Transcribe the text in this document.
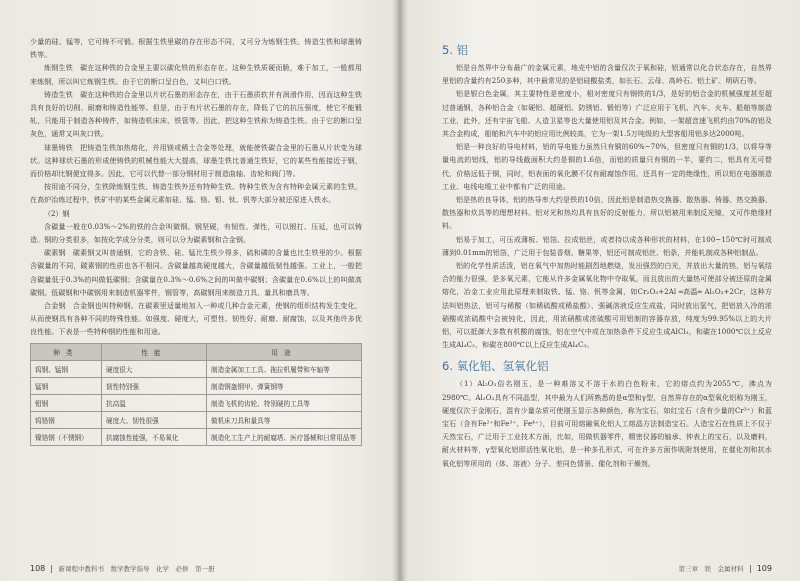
少量的硅、锰等，它可铸不可锻。根据生铁里碳的存在形态不同，又可分为炼钢生铁、铸造生铁和球墨铸铁等。

炼钢生铁　碳在这种铁的合金里主要以碳化铁的形态存在。这种生铁质硬而脆，难于加工，一般都用来炼钢，所以叫它炼钢生铁。由于它的断口呈白色，又叫白口铁。

铸造生铁　碳在这种铁的合金里以片状石墨的形态存在，由于石墨质软并有润滑作用，因而这种生铁具有良好的切削、耐磨和铸造性能等。但是，由于有片状石墨的存在，降低了它的抗压强度，使它不能锻轧，只能用于制造各种铸件，如铸造机床床、铁管等。因此，把这种生铁称为铸造生铁。由于它的断口呈灰色，通常又叫灰口铁。

球墨铸铁　把铸造生铁加热熔化，并用镁或稀土合金等处理，就能使铁碳合金里的石墨从片状变为球状。这种球状石墨的形成使铸铁的机械性能大大提高，球墨生铁比普通生铁好，它的某些性能接近于钢，而价格却比钢便宜得多。因此，它可以代替一部分钢材用于制造曲轴、齿轮和阀门等。

按用途不同分，生铁除炼钢生铁、铸造生铁外还有特种生铁。特种生铁为含有特种金属元素的生铁，在高炉冶炼过程中，铁矿中的某些金属元素如硅、锰、铬、钼、钛、钒等大部分被还原进入铁水。

（2）钢

含碳量一般在0.03%～2%的铁的合金叫做钢。钢坚硬，有韧性、弹性，可以锻打、压延，也可以铸造。钢的分类很多，如按化学成分分类，则可以分为碳素钢和合金钢。

碳素钢　碳素钢又叫普通钢，它的含铁、硅、锰比生铁少得多，硫和磷的含量也比生铁里的少。根据含碳量的不同，碳素钢的性质也各不相同。含碳量越高硬度越大，含碳量越低韧性越强。工业上，一般把含碳量低于0.3%的叫做低碳钢；含碳量在0.3%～0.6%之间的叫做中碳钢；含碳量在0.6%以上的叫做高碳钢。低碳钢和中碳钢用来制造机器零件，钢管等，高碳钢用来制造刀具、量具和磨具等。

合金钢　合金钢也叫特种钢。在碳素里适量地加入一种或几种合金元素，使钢的组织结构发生变化，从而使钢具有各种不同的特殊性能。如强度、硬度大，可塑性、韧性好、耐磨、耐腐蚀，以及其他许多优良性能。下表是一些特种钢的性能和用途。

种类	性能	用途
钨钢、锰钢	硬度很大	制造金属加工工具、拖拉机履带和车轴等
锰钢	韧性特别强	制造钢盔钢甲、弹簧钢等
钼钢	抗高温	制造飞机的齿轮、特别硬的工具等
钨铬钢	硬度大、韧性很强	做机床刀具和量具等
镍铬钢（不锈钢）	抗腐蚀性能强，不易氧化	制造化工生产上的耐腐塔、医疗器械和日常用品等
108 新课程中教科书　数学教学指导　化学　必修　第一册
5. 铝

铝是自然界中分布最广的金属元素，地壳中铝的含量仅次于氧和硅，铝通常以化合状态存在，自然界里铝的含量约有250多种，其中最常见的是铝硅酸盐类，如长石、云母、高岭石、铝土矿、明矾石等。

铝是银白色金属，其主要特性是密度小，相对密度只有钢铁的1/3，是好的铝合金的机械强度甚至超过普通钢，各种铝合金（如硬铝、超硬铝、防锈铝、锻铝等）广泛应用于飞机、汽车、火车、船舶等制造工业，此外，还有宇宙飞船、人造卫星等也大量使用铝及其合金。例如，一架超音速飞机约由70%的铝及其合金构成，船舶和汽车中的铝应用比例较高，它为一架1.5万吨级的大型客船用铝多达2000吨。

铝是一种良好的导电材料，铝的导电能力虽然只有铜的60%~70%，但密度只有铜的1/3，以将导等量电流的铝线，铝的导线截面积大约是铜的1.6倍，而铝的质量只有铜的一半，要约二，铝具有无可替代，价格远低于铜，同时，铝表面的氧化膜不仅有耐腐蚀作用，还具有一定的绝缘性，所以铝在电器制造工业、电线电缆工业中都有广泛的用途。

铝是热的良导体，铝的热导率大约是铁的10倍，因此铝是制造热交换器、散热器、铸器、热交换器、散热器和炊具等的理想材料。铝对光和热均具有良好的反射能力，所以铝被用来制反光镜，又可作绝缘材料。

铝易于加工，可压成薄板、铝箔、拉成铝丝，或者持以成各种形状的材料，在100~150℃时可制成薄到0.01mm的铝箔，广泛用于包装香烟、糖果等，铝还可制成铝丝、铝条，并能轧制成各种铝制品。

铝的化学性质活泼，铝在氧气中加热时能剧烈地燃烧，发出强烈的白光，并放出大量的热，铝与氧结合的能力很强，是多氧元素，它能从许多金属氧化物中夺取氧，而且放出的大量热可使部分被还原的金属熔化，冶金工业应用此原理来制取铁、锰、铬、钒等金属，如Cr₂O₃+2Al ═高温═ Al₂O₃+2Cr，这种方法叫铝热法，铝可与稀酸（如稀硫酸或稀盐酸）、强碱溶液反应生成盐，同时放出氢气，把铝放入冷的浓硝酸或浓硫酸中会被钝化，因此，用浓硝酸或浓硫酸可用铝制的容器存放，纯度为99.95%以上的大片铝，可以抵御大多数有机酸的腐蚀，铝在空气中或在加热条件下反应生成AlCl₃，和碳在1000℃以上反应生成Al₄C₃，和碳在800℃以上反应生成Al₄C₃。

6. 氧化铝、氢氧化铝

（1）Al₂O₃俗名刚玉，是一种难溶又不溶于水的白色粉末，它的熔点约为2055℃，沸点为2980℃。Al₂O₃具有不同晶型，其中最为人们所熟悉的是α型和γ型，自然界存在的α型氧化铝称为刚玉，硬度仅次于金刚石，混有少量杂质可使刚玉显示各种颜色，称为宝石，如红宝石（含有少量的Cr³⁺）和蓝宝石（含有Fe²⁺和Fe³⁺、Fe⁴⁺），目前可用熔融氧化铝人工熔晶方法制造宝石。人造宝石在性质上不仅于天然宝石，广泛用于工业技术方面，比如，用做机器零件，精密仪器的轴承、钟表上的宝石，以及磨料，耐火材料等，γ型氧化铝即活性氧化铝，是一种多孔形式，可在许多方面作吸附剂使用，在催化剂和抗水氧化铝等所用的（体、溶液）分子、差同色情景、催化剂和干燥剂。

第三章　铁　金属材料 109
